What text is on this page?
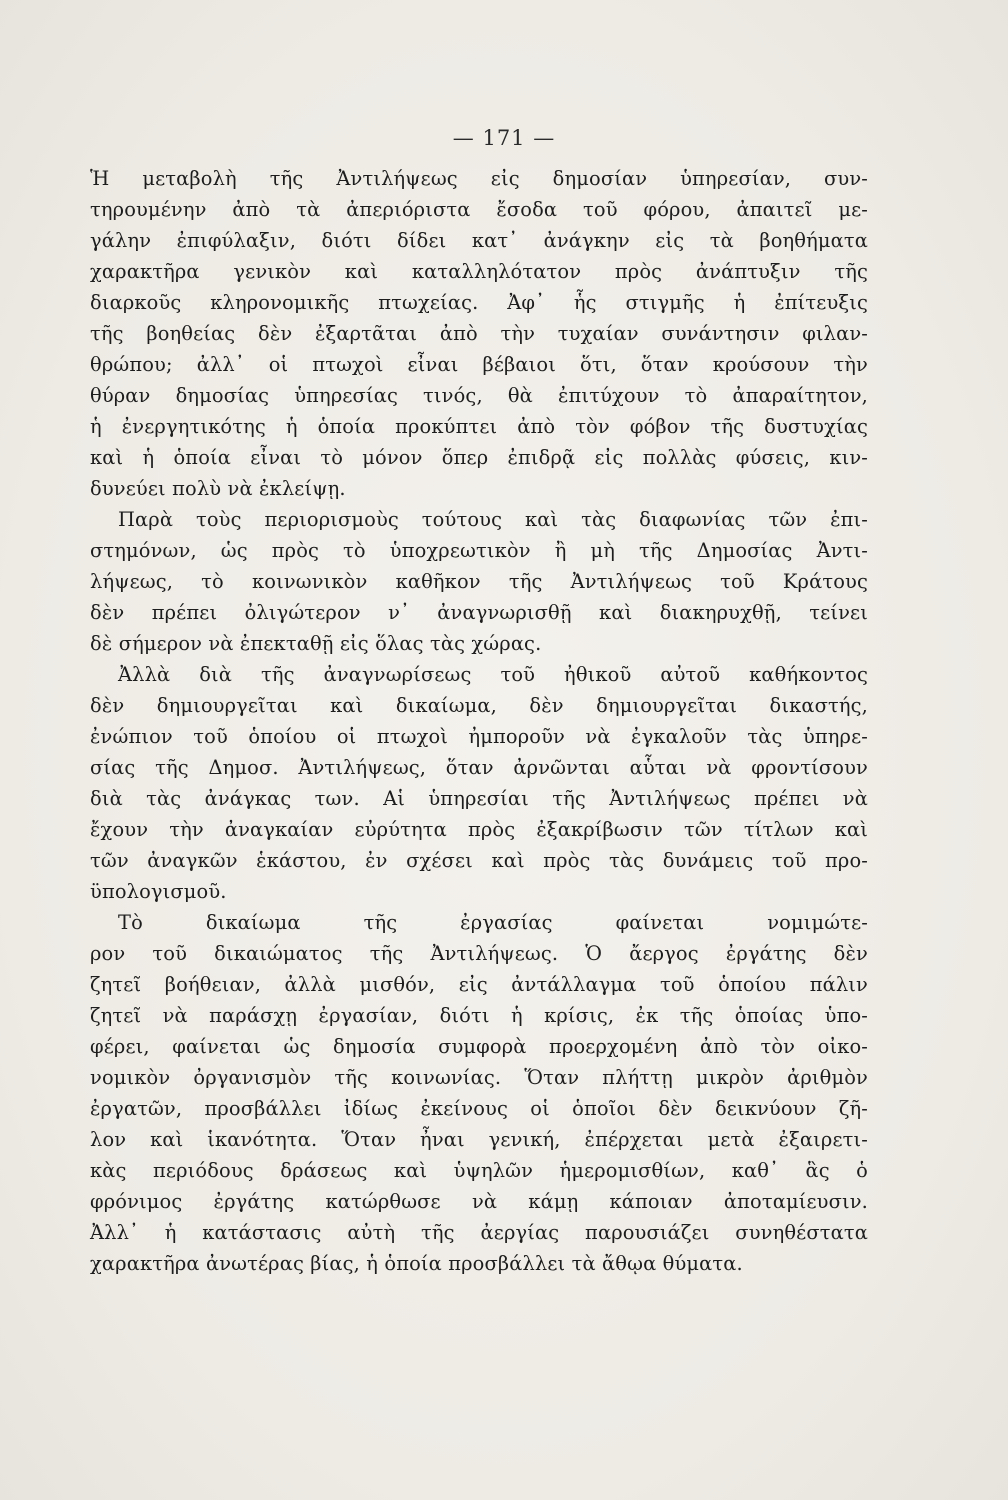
— 171 —
Ἡ μεταβολὴ τῆς Ἀντιλήψεως εἰς δημοσίαν ὑπηρεσίαν, συν-
τηρουμένην ἀπὸ τὰ ἀπεριόριστα ἔσοδα τοῦ φόρου, ἀπαιτεῖ με-
γάλην ἐπιφύλαξιν, διότι δίδει κατ᾿ ἀνάγκην εἰς τὰ βοηθήματα
χαρακτῆρα γενικὸν καὶ καταλληλότατον πρὸς ἀνάπτυξιν τῆς
διαρκοῦς κληρονομικῆς πτωχείας. Ἀφ᾿ ἧς στιγμῆς ἡ ἐπίτευξις
τῆς βοηθείας δὲν ἐξαρτᾶται ἀπὸ τὴν τυχαίαν συνάντησιν φιλαν-
θρώπου; ἀλλ᾿ οἱ πτωχοὶ εἶναι βέβαιοι ὅτι, ὅταν κρούσουν τὴν
θύραν δημοσίας ὑπηρεσίας τινός, θὰ ἐπιτύχουν τὸ ἀπαραίτητον,
ἡ ἐνεργητικότης ἡ ὁποία προκύπτει ἀπὸ τὸν φόβον τῆς δυστυχίας
καὶ ἡ ὁποία εἶναι τὸ μόνον ὅπερ ἐπιδρᾷ εἰς πολλὰς φύσεις, κιν-
δυνεύει πολὺ νὰ ἐκλείψῃ.
Παρὰ τοὺς περιορισμοὺς τούτους καὶ τὰς διαφωνίας τῶν ἐπι-
στημόνων, ὡς πρὸς τὸ ὑποχρεωτικὸν ἢ μὴ τῆς Δημοσίας Ἀντι-
λήψεως, τὸ κοινωνικὸν καθῆκον τῆς Ἀντιλήψεως τοῦ Κράτους
δὲν πρέπει ὀλιγώτερον ν᾿ ἀναγνωρισθῇ καὶ διακηρυχθῇ, τείνει
δὲ σήμερον νὰ ἐπεκταθῇ εἰς ὅλας τὰς χώρας.
Ἀλλὰ διὰ τῆς ἀναγνωρίσεως τοῦ ἠθικοῦ αὐτοῦ καθήκοντος
δὲν δημιουργεῖται καὶ δικαίωμα, δὲν δημιουργεῖται δικαστής,
ἐνώπιον τοῦ ὁποίου οἱ πτωχοὶ ἠμποροῦν νὰ ἐγκαλοῦν τὰς ὑπηρε-
σίας τῆς Δημοσ. Ἀντιλήψεως, ὅταν ἀρνῶνται αὗται νὰ φροντίσουν
διὰ τὰς ἀνάγκας των. Αἱ ὑπηρεσίαι τῆς Ἀντιλήψεως πρέπει νὰ
ἔχουν τὴν ἀναγκαίαν εὐρύτητα πρὸς ἐξακρίβωσιν τῶν τίτλων καὶ
τῶν ἀναγκῶν ἑκάστου, ἐν σχέσει καὶ πρὸς τὰς δυνάμεις τοῦ προ-
ϋπολογισμοῦ.
Τὸ δικαίωμα τῆς ἐργασίας φαίνεται νομιμώτε-
ρον τοῦ δικαιώματος τῆς Ἀντιλήψεως. Ὁ ἄεργος ἐργάτης δὲν
ζητεῖ βοήθειαν, ἀλλὰ μισθόν, εἰς ἀντάλλαγμα τοῦ ὁποίου πάλιν
ζητεῖ νὰ παράσχῃ ἐργασίαν, διότι ἡ κρίσις, ἐκ τῆς ὁποίας ὑπο-
φέρει, φαίνεται ὡς δημοσία συμφορὰ προερχομένη ἀπὸ τὸν οἰκο-
νομικὸν ὀργανισμὸν τῆς κοινωνίας. Ὅταν πλήττῃ μικρὸν ἀριθμὸν
ἐργατῶν, προσβάλλει ἰδίως ἐκείνους οἱ ὁποῖοι δὲν δεικνύουν ζῆ-
λον καὶ ἱκανότητα. Ὅταν ἦναι γενική, ἐπέρχεται μετὰ ἐξαιρετι-
κὰς περιόδους δράσεως καὶ ὑψηλῶν ἡμερομισθίων, καθ᾿ ἃς ὁ
φρόνιμος ἐργάτης κατώρθωσε νὰ κάμῃ κάποιαν ἀποταμίευσιν.
Ἀλλ᾿ ἡ κατάστασις αὐτὴ τῆς ἀεργίας παρουσιάζει συνηθέστατα
χαρακτῆρα ἀνωτέρας βίας, ἡ ὁποία προσβάλλει τὰ ἄθῳα θύματα.
